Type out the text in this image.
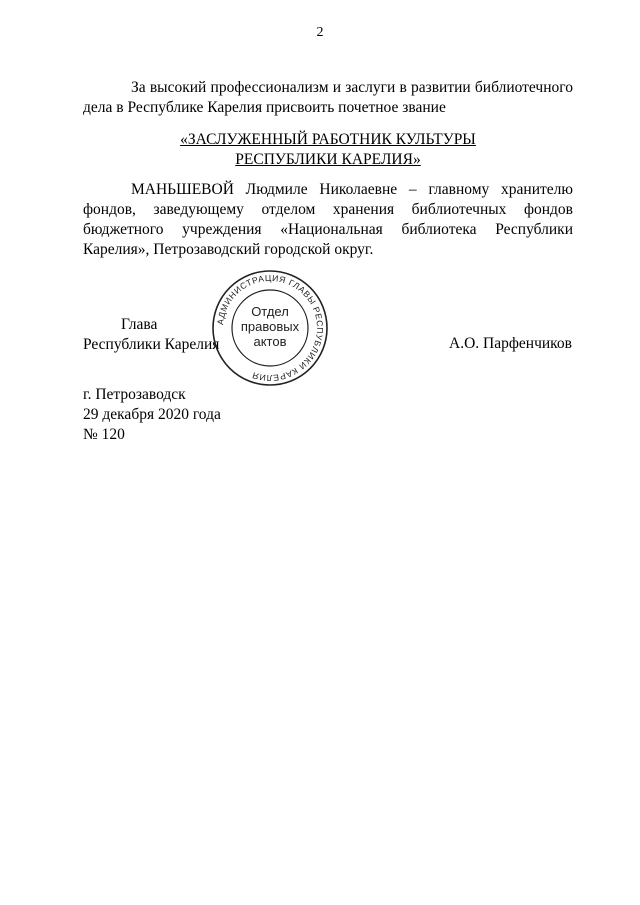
2
За высокий профессионализм и заслуги в развитии библиотечного
дела в Республике Карелия присвоить почетное звание
«ЗАСЛУЖЕННЫЙ РАБОТНИК КУЛЬТУРЫ
РЕСПУБЛИКИ КАРЕЛИЯ»
МАНЬШЕВОЙ Людмиле Николаевне – главному хранителю
фондов, заведующему отделом хранения библиотечных фондов
бюджетного учреждения «Национальная библиотека Республики
Карелия», Петрозаводский городской округ.
Глава
Республики Карелия
АДМИНИСТРАЦИЯ ГЛАВЫ РЕСПУБЛИКИ КАРЕЛИЯ
Отдел
правовых
актов	А.О. Парфенчиков
г. Петрозаводск
29 декабря 2020 года
№ 120
